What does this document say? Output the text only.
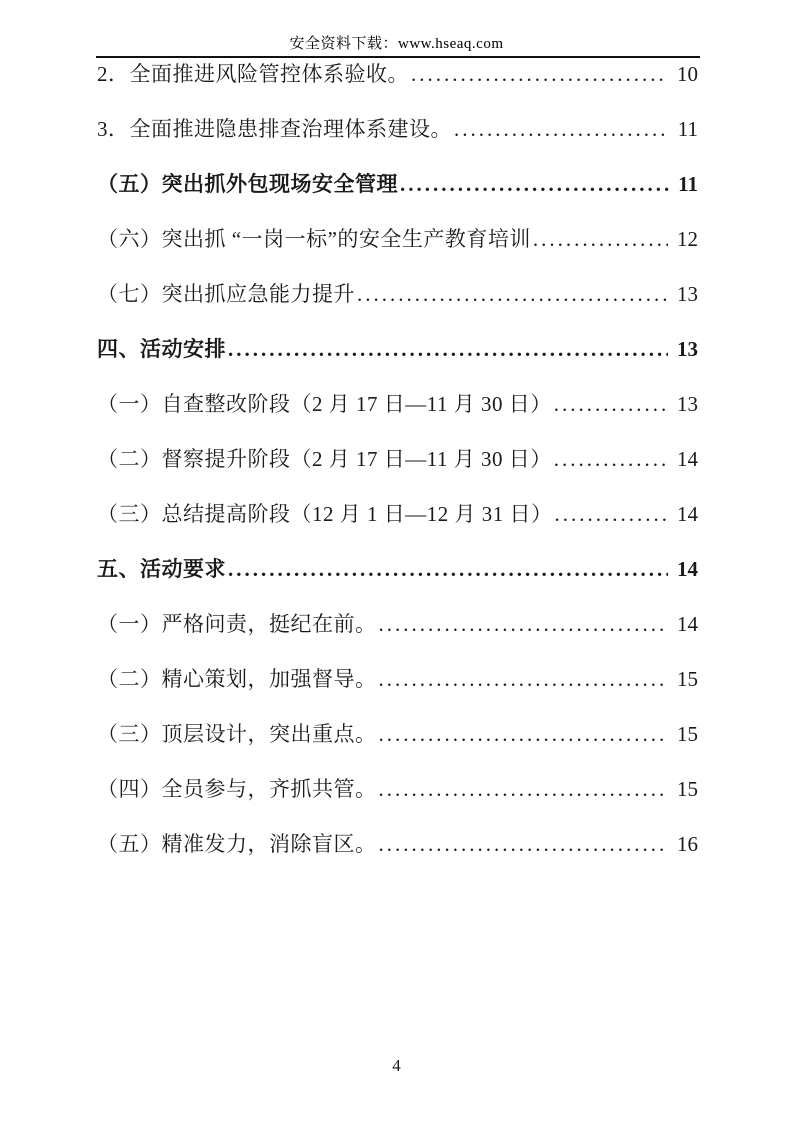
安全资料下载：www.hseaq.com
2．全面推进风险管控体系验收。 .....	10
3．全面推进隐患排查治理体系建设。 .....	11
（五）突出抓外包现场安全管理 .....	11
（六）突出抓 “一岗一标”的安全生产教育培训 .....	12
（七）突出抓应急能力提升 .....	13
四、活动安排 .....	13
（一）自查整改阶段（2 月 17 日—11 月 30 日） .....	13
（二）督察提升阶段（2 月 17 日—11 月 30 日） .....	14
（三）总结提高阶段（12 月 1 日—12 月 31 日） .....	14
五、活动要求 .....	14
（一）严格问责，挺纪在前。 .....	14
（二）精心策划，加强督导。 .....	15
（三）顶层设计，突出重点。 .....	15
（四）全员参与，齐抓共管。 .....	15
（五）精准发力，消除盲区。 .....	16
4
